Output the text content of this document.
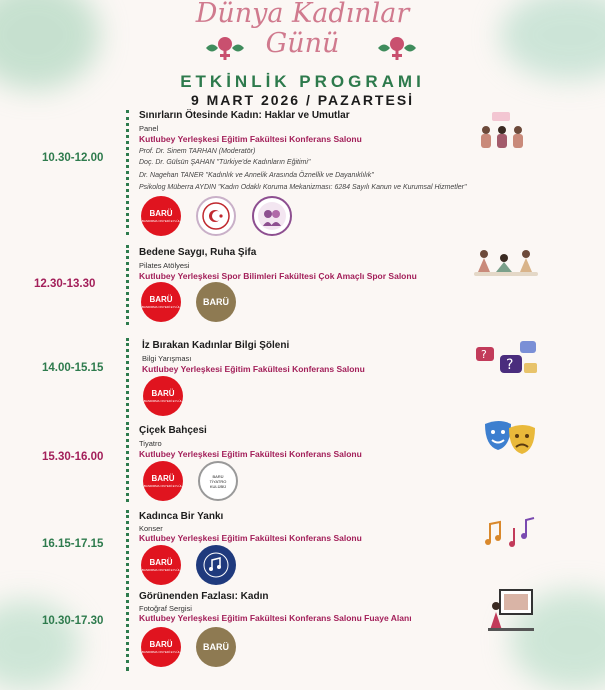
Dünya Kadınlar
Günü
ETKİNLİK PROGRAMI
9 MART 2026 / PAZARTESİ
10.30-12.00
Sınırların Ötesinde Kadın: Haklar ve Umutlar
Panel
Kutlubey Yerleşkesi Eğitim Fakültesi Konferans Salonu
Prof. Dr. Sinem TARHAN (Moderatör)
Doç. Dr. Gülsün ŞAHAN "Türkiye'de Kadınların Eğitimi"
Dr. Nagehan TANER "Kadınlık ve Annelik Arasında Öznellik ve Dayanıklılık"
Psikolog Müberra AYDIN "Kadın Odaklı Koruma Mekanizması: 6284 Sayılı Kanun ve Kurumsal Hizmetler"
BARÜ
BANDIRMA ONYEDİ EYLÜL
12.30-13.30
Bedene Saygı, Ruha Şifa
Pilates Atölyesi
Kutlubey Yerleşkesi Spor Bilimleri Fakültesi Çok Amaçlı Spor Salonu
BARÜ
BANDIRMA ONYEDİ EYLÜL	BARÜ
14.00-15.15
İz Bırakan Kadınlar Bilgi Şöleni
Bilgi Yarışması
Kutlubey Yerleşkesi Eğitim Fakültesi Konferans Salonu
BARÜ
BANDIRMA ONYEDİ EYLÜL
?
?
15.30-16.00
Çiçek Bahçesi
Tiyatro
Kutlubey Yerleşkesi Eğitim Fakültesi Konferans Salonu
BARÜ
BANDIRMA ONYEDİ EYLÜL
BARÜ TİYATRO KULÜBÜ
16.15-17.15
Kadınca Bir Yankı
Konser
Kutlubey Yerleşkesi Eğitim Fakültesi Konferans Salonu
BARÜ
BANDIRMA ONYEDİ EYLÜL
10.30-17.30
Görünenden Fazlası: Kadın
Fotoğraf Sergisi
Kutlubey Yerleşkesi Eğitim Fakültesi Konferans Salonu Fuaye Alanı
BARÜ
BANDIRMA ONYEDİ EYLÜL	BARÜ
